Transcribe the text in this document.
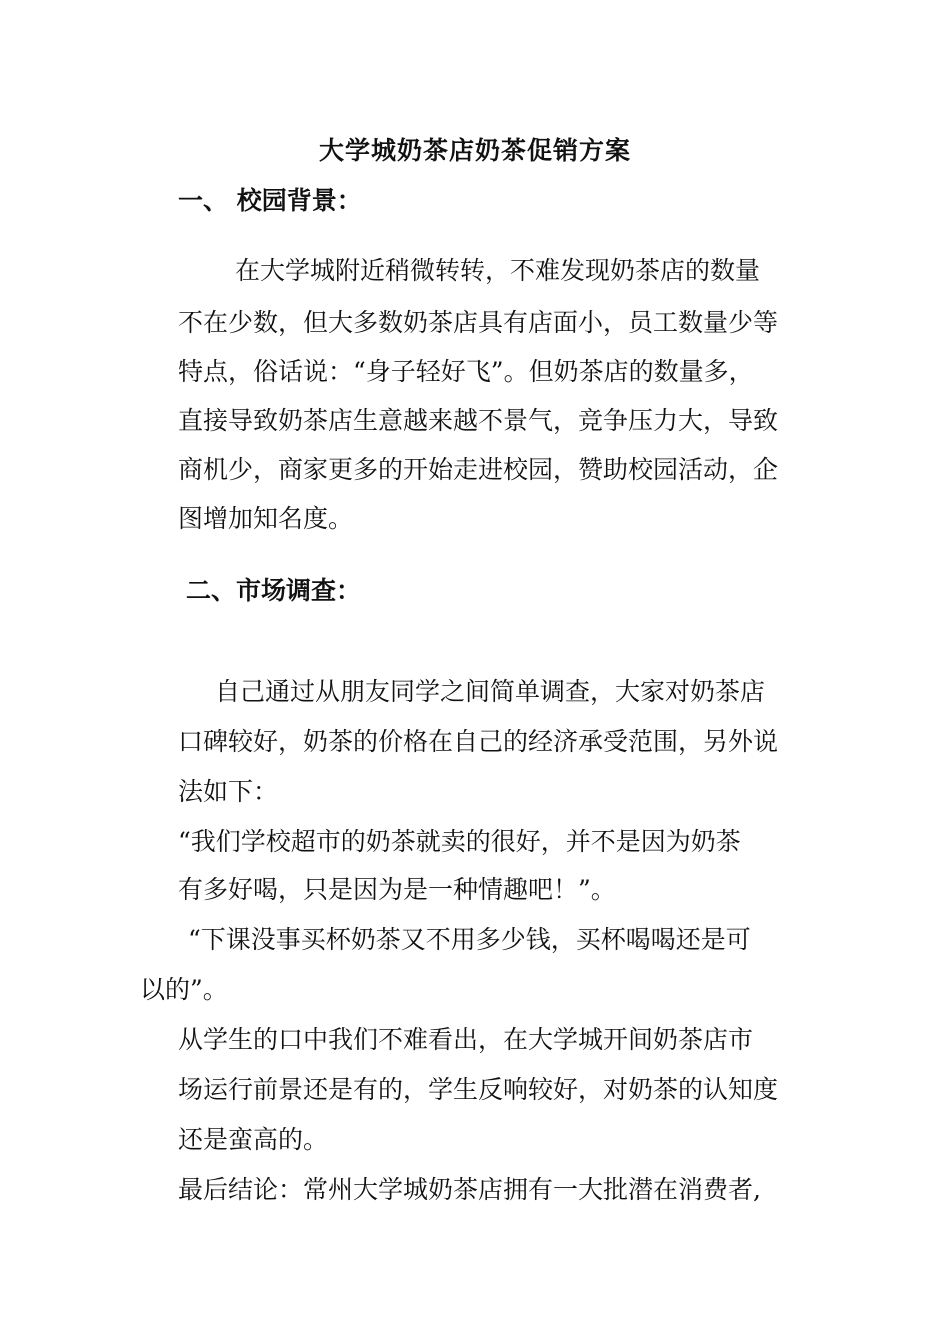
大学城奶茶店奶茶促销方案
一、 校园背景：
在大学城附近稍微转转，不难发现奶茶店的数量
不在少数，但大多数奶茶店具有店面小，员工数量少等
特点，俗话说：“身子轻好飞”。但奶茶店的数量多，
直接导致奶茶店生意越来越不景气，竞争压力大，导致
商机少，商家更多的开始走进校园，赞助校园活动，企
图增加知名度。
二、市场调查：
自己通过从朋友同学之间简单调查，大家对奶茶店
口碑较好，奶茶的价格在自己的经济承受范围，另外说
法如下：
“我们学校超市的奶茶就卖的很好，并不是因为奶茶
有多好喝，只是因为是一种情趣吧！”。
“下课没事买杯奶茶又不用多少钱，买杯喝喝还是可
以的”。
从学生的口中我们不难看出，在大学城开间奶茶店市
场运行前景还是有的，学生反响较好，对奶茶的认知度
还是蛮高的。
最后结论：常州大学城奶茶店拥有一大批潜在消费者,
